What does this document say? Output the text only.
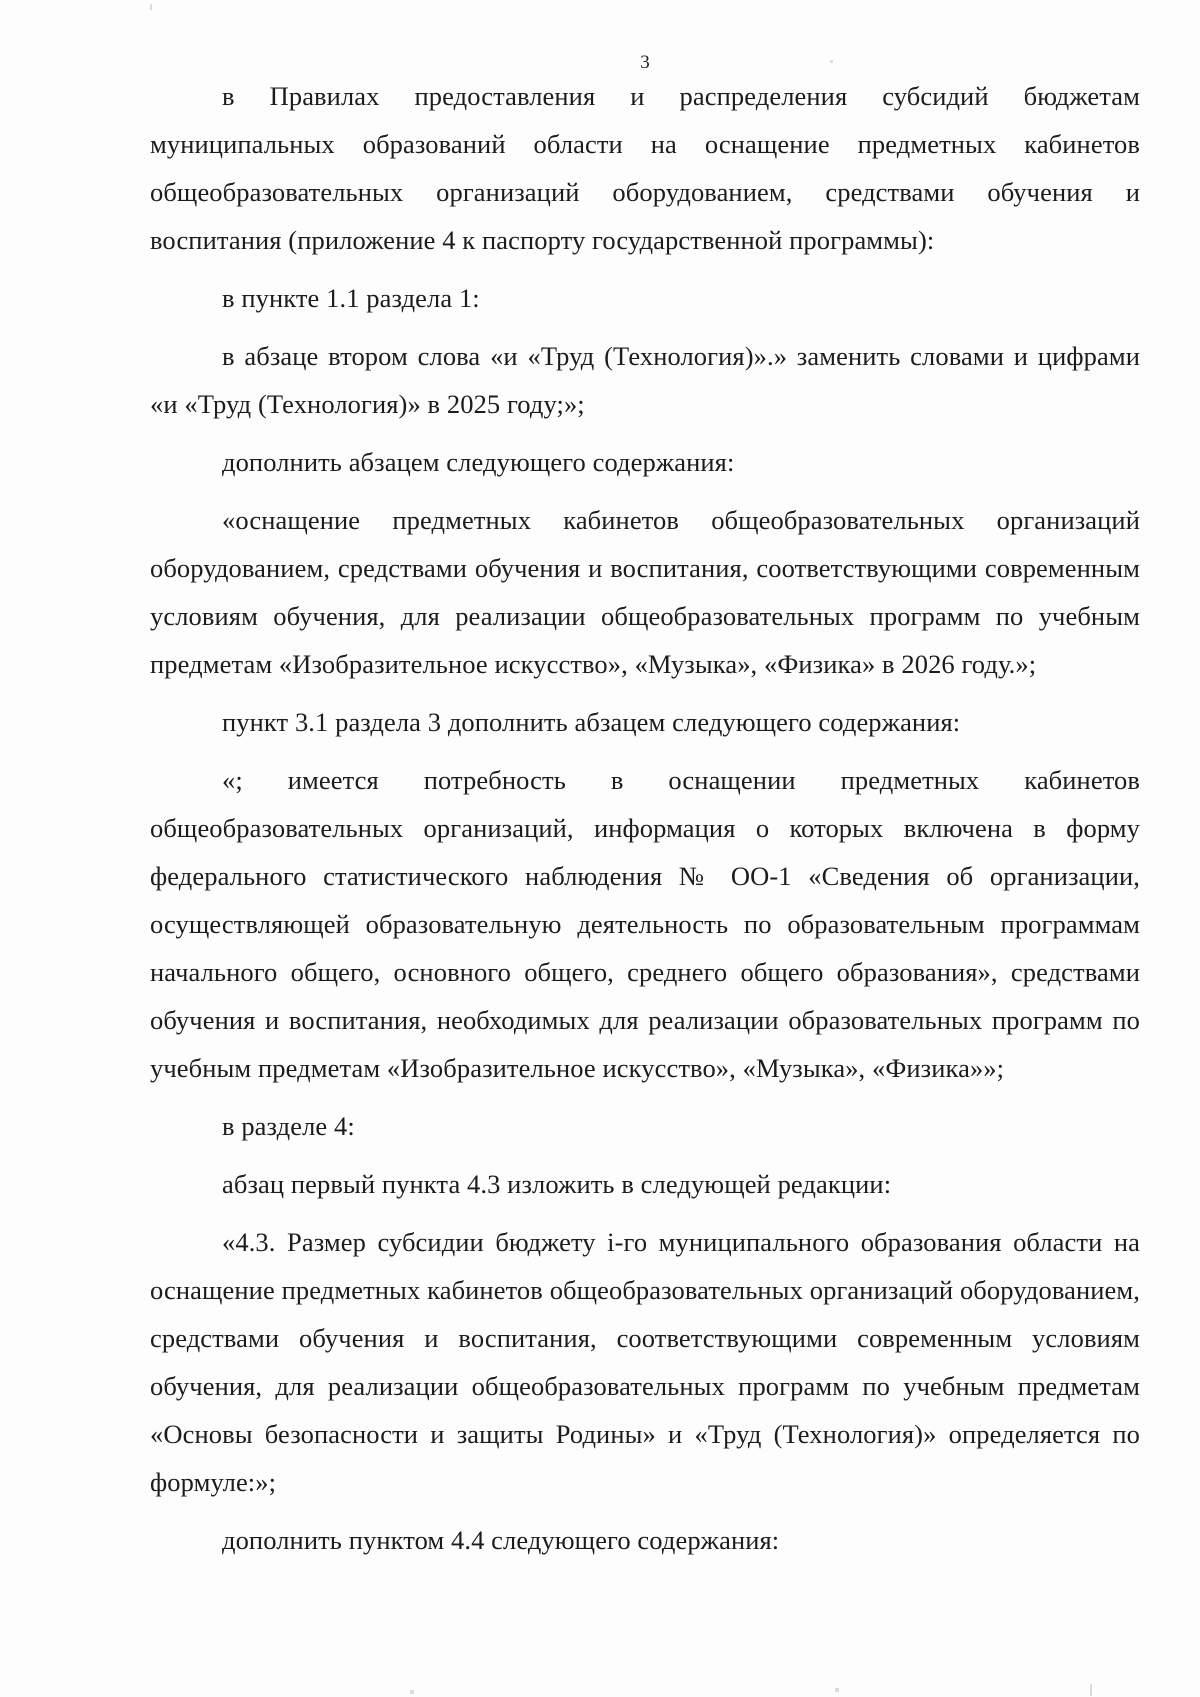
3

в Правилах предоставления и распределения субсидий бюджетам муниципальных образований области на оснащение предметных кабинетов общеобразовательных организаций оборудованием, средствами обучения и воспитания (приложение 4 к паспорту государственной программы):

в пункте 1.1 раздела 1:

в абзаце втором слова «и «Труд (Технология)».» заменить словами и цифрами «и «Труд (Технология)» в 2025 году;»;

дополнить абзацем следующего содержания:

«оснащение предметных кабинетов общеобразовательных организаций оборудованием, средствами обучения и воспитания, соответствующими современным условиям обучения, для реализации общеобразовательных программ по учебным предметам «Изобразительное искусство», «Музыка», «Физика» в 2026 году.»;

пункт 3.1 раздела 3 дополнить абзацем следующего содержания:

«; имеется потребность в оснащении предметных кабинетов общеобразовательных организаций, информация о которых включена в форму федерального статистического наблюдения № ОО-1 «Сведения об организации, осуществляющей образовательную деятельность по образовательным программам начального общего, основного общего, среднего общего образования», средствами обучения и воспитания, необходимых для реализации образовательных программ по учебным предметам «Изобразительное искусство», «Музыка», «Физика»»;

в разделе 4:

абзац первый пункта 4.3 изложить в следующей редакции:

«4.3. Размер субсидии бюджету i-го муниципального образования области на оснащение предметных кабинетов общеобразовательных организаций оборудованием, средствами обучения и воспитания, соответствующими современным условиям обучения, для реализации общеобразовательных программ по учебным предметам «Основы безопасности и защиты Родины» и «Труд (Технология)» определяется по формуле:»;

дополнить пунктом 4.4 следующего содержания:
